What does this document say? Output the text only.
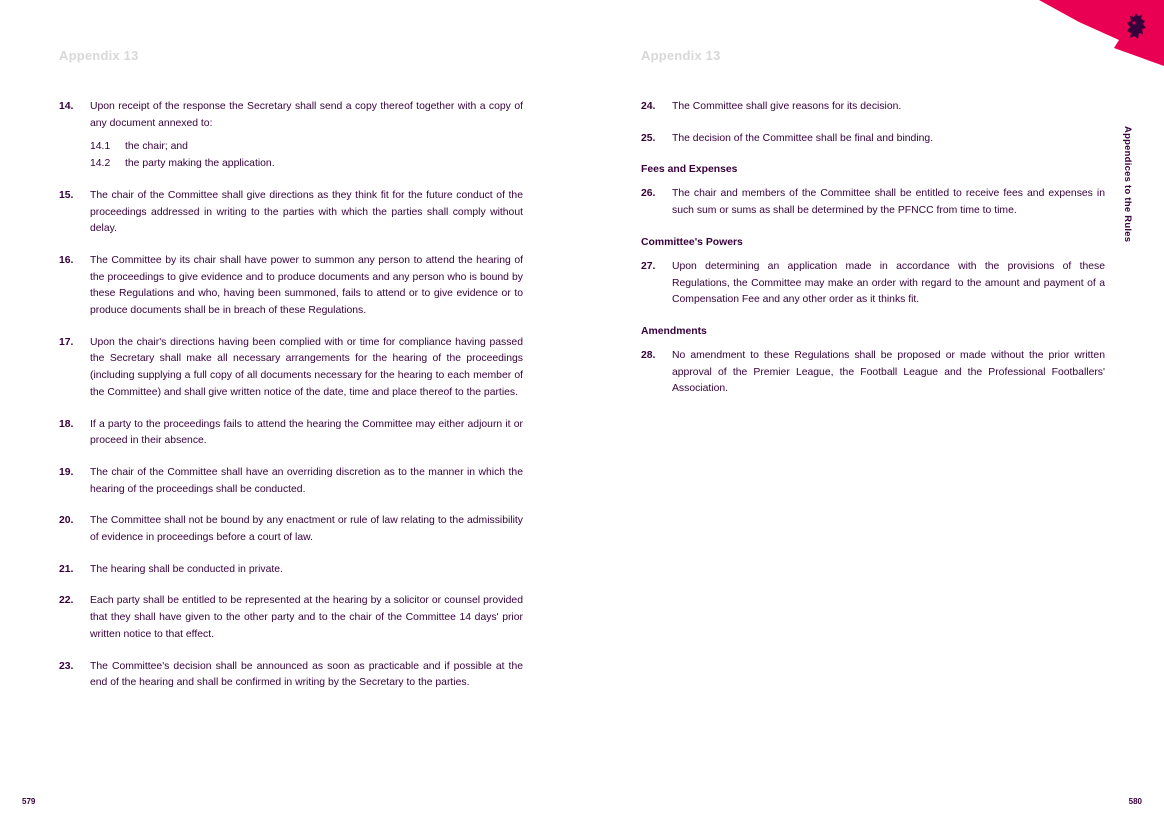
Appendix 13
14.	Upon receipt of the response the Secretary shall send a copy thereof together with a copy of any document annexed to:
14.1	the chair; and
14.2	the party making the application.
15.	The chair of the Committee shall give directions as they think fit for the future conduct of the proceedings addressed in writing to the parties with which the parties shall comply without delay.
16.	The Committee by its chair shall have power to summon any person to attend the hearing of the proceedings to give evidence and to produce documents and any person who is bound by these Regulations and who, having been summoned, fails to attend or to give evidence or to produce documents shall be in breach of these Regulations.
17.	Upon the chair's directions having been complied with or time for compliance having passed the Secretary shall make all necessary arrangements for the hearing of the proceedings (including supplying a full copy of all documents necessary for the hearing to each member of the Committee) and shall give written notice of the date, time and place thereof to the parties.
18.	If a party to the proceedings fails to attend the hearing the Committee may either adjourn it or proceed in their absence.
19.	The chair of the Committee shall have an overriding discretion as to the manner in which the hearing of the proceedings shall be conducted.
20.	The Committee shall not be bound by any enactment or rule of law relating to the admissibility of evidence in proceedings before a court of law.
21.	The hearing shall be conducted in private.
22.	Each party shall be entitled to be represented at the hearing by a solicitor or counsel provided that they shall have given to the other party and to the chair of the Committee 14 days' prior written notice to that effect.
23.	The Committee's decision shall be announced as soon as practicable and if possible at the end of the hearing and shall be confirmed in writing by the Secretary to the parties.
579
Appendix 13
24.	The Committee shall give reasons for its decision.
25.	The decision of the Committee shall be final and binding.
Fees and Expenses
26.	The chair and members of the Committee shall be entitled to receive fees and expenses in such sum or sums as shall be determined by the PFNCC from time to time.
Committee's Powers
27.	Upon determining an application made in accordance with the provisions of these Regulations, the Committee may make an order with regard to the amount and payment of a Compensation Fee and any other order as it thinks fit.
Amendments
28.	No amendment to these Regulations shall be proposed or made without the prior written approval of the Premier League, the Football League and the Professional Footballers' Association.
Appendices to the Rules
580
